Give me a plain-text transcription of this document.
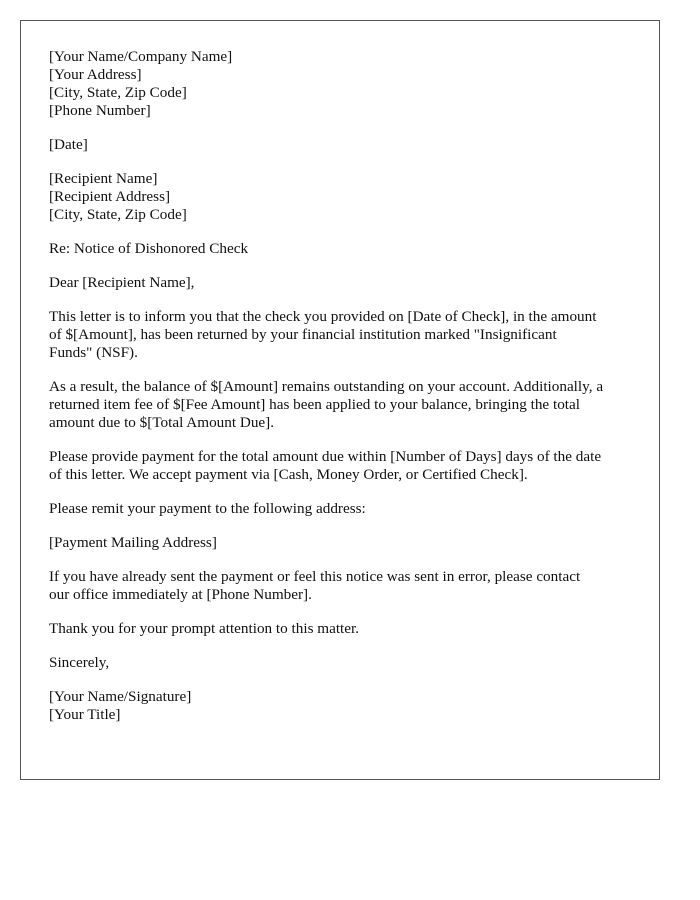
[Your Name/Company Name]
[Your Address]
[City, State, Zip Code]
[Phone Number]
[Date]
[Recipient Name]
[Recipient Address]
[City, State, Zip Code]
Re: Notice of Dishonored Check
Dear [Recipient Name],
This letter is to inform you that the check you provided on [Date of Check], in the amount
of $[Amount], has been returned by your financial institution marked "Insignificant
Funds" (NSF).
As a result, the balance of $[Amount] remains outstanding on your account. Additionally, a
returned item fee of $[Fee Amount] has been applied to your balance, bringing the total
amount due to $[Total Amount Due].
Please provide payment for the total amount due within [Number of Days] days of the date
of this letter. We accept payment via [Cash, Money Order, or Certified Check].
Please remit your payment to the following address:
[Payment Mailing Address]
If you have already sent the payment or feel this notice was sent in error, please contact
our office immediately at [Phone Number].
Thank you for your prompt attention to this matter.
Sincerely,
[Your Name/Signature]
[Your Title]
